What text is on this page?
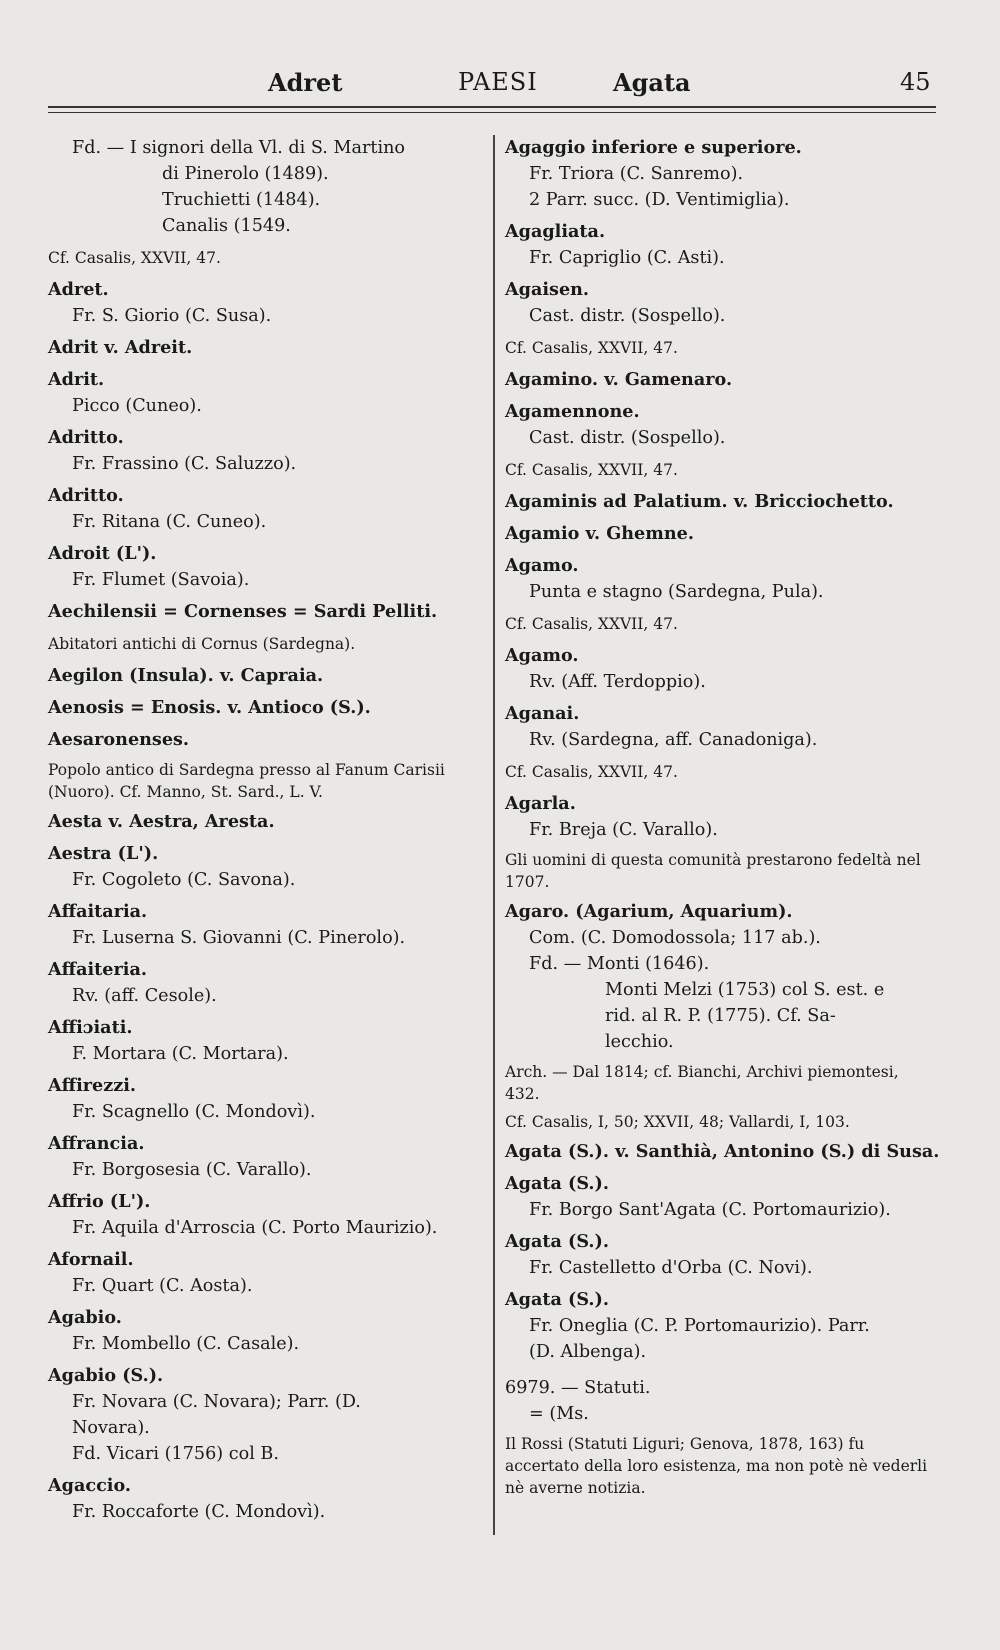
Adret	PAESI	Agata	45
Fd. — I signori della Vl. di S. Martino
di Pinerolo (1489).
Truchietti (1484).
Canalis (1549.
Cf. Casalis, XXVII, 47.
Adret.
Fr. S. Giorio (C. Susa).
Adrit v. Adreit.
Adrit.
Picco (Cuneo).
Adritto.
Fr. Frassino (C. Saluzzo).
Adritto.
Fr. Ritana (C. Cuneo).
Adroit (L').
Fr. Flumet (Savoia).
Aechilensii = Cornenses = Sardi Pelliti.
Abitatori antichi di Cornus (Sardegna).
Aegilon (Insula). v. Capraia.
Aenosis = Enosis. v. Antioco (S.).
Aesaronenses.
Popolo antico di Sardegna presso al Fanum Carisii (Nuoro). Cf. Manno, St. Sard., L. V.
Aesta v. Aestra, Aresta.
Aestra (L').
Fr. Cogoleto (C. Savona).
Affaitaria.
Fr. Luserna S. Giovanni (C. Pinerolo).
Affaiteria.
Rv. (aff. Cesole).
Affiɔiati.
F. Mortara (C. Mortara).
Affirezzi.
Fr. Scagnello (C. Mondovì).
Affrancia.
Fr. Borgosesia (C. Varallo).
Affrio (L').
Fr. Aquila d'Arroscia (C. Porto Maurizio).
Afornail.
Fr. Quart (C. Aosta).
Agabio.
Fr. Mombello (C. Casale).
Agabio (S.).
Fr. Novara (C. Novara); Parr. (D.
Novara).
Fd. Vicari (1756) col B.
Agaccio.
Fr. Roccaforte (C. Mondovì).
Agaggio inferiore e superiore.
Fr. Triora (C. Sanremo).
2 Parr. succ. (D. Ventimiglia).
Agagliata.
Fr. Capriglio (C. Asti).
Agaisen.
Cast. distr. (Sospello).
Cf. Casalis, XXVII, 47.
Agamino. v. Gamenaro.
Agamennone.
Cast. distr. (Sospello).
Cf. Casalis, XXVII, 47.
Agaminis ad Palatium. v. Bricciochetto.
Agamio v. Ghemne.
Agamo.
Punta e stagno (Sardegna, Pula).
Cf. Casalis, XXVII, 47.
Agamo.
Rv. (Aff. Terdoppio).
Aganai.
Rv. (Sardegna, aff. Canadoniga).
Cf. Casalis, XXVII, 47.
Agarla.
Fr. Breja (C. Varallo).
Gli uomini di questa comunità prestarono fedeltà nel 1707.
Agaro. (Agarium, Aquarium).
Com. (C. Domodossola; 117 ab.).
Fd. — Monti (1646).
Monti Melzi (1753) col S. est. e
rid. al R. P. (1775). Cf. Sa-
lecchio.
Arch. — Dal 1814; cf. Bianchi, Archivi piemontesi, 432.
Cf. Casalis, I, 50; XXVII, 48; Vallardi, I, 103.
Agata (S.). v. Santhià, Antonino (S.) di Susa.
Agata (S.).
Fr. Borgo Sant'Agata (C. Portomaurizio).
Agata (S.).
Fr. Castelletto d'Orba (C. Novi).
Agata (S.).
Fr. Oneglia (C. P. Portomaurizio). Parr.
(D. Albenga).
6979. — Statuti.
= (Ms.
Il Rossi (Statuti Liguri; Genova, 1878, 163) fu accertato della loro esistenza, ma non potè nè vederli nè averne notizia.
